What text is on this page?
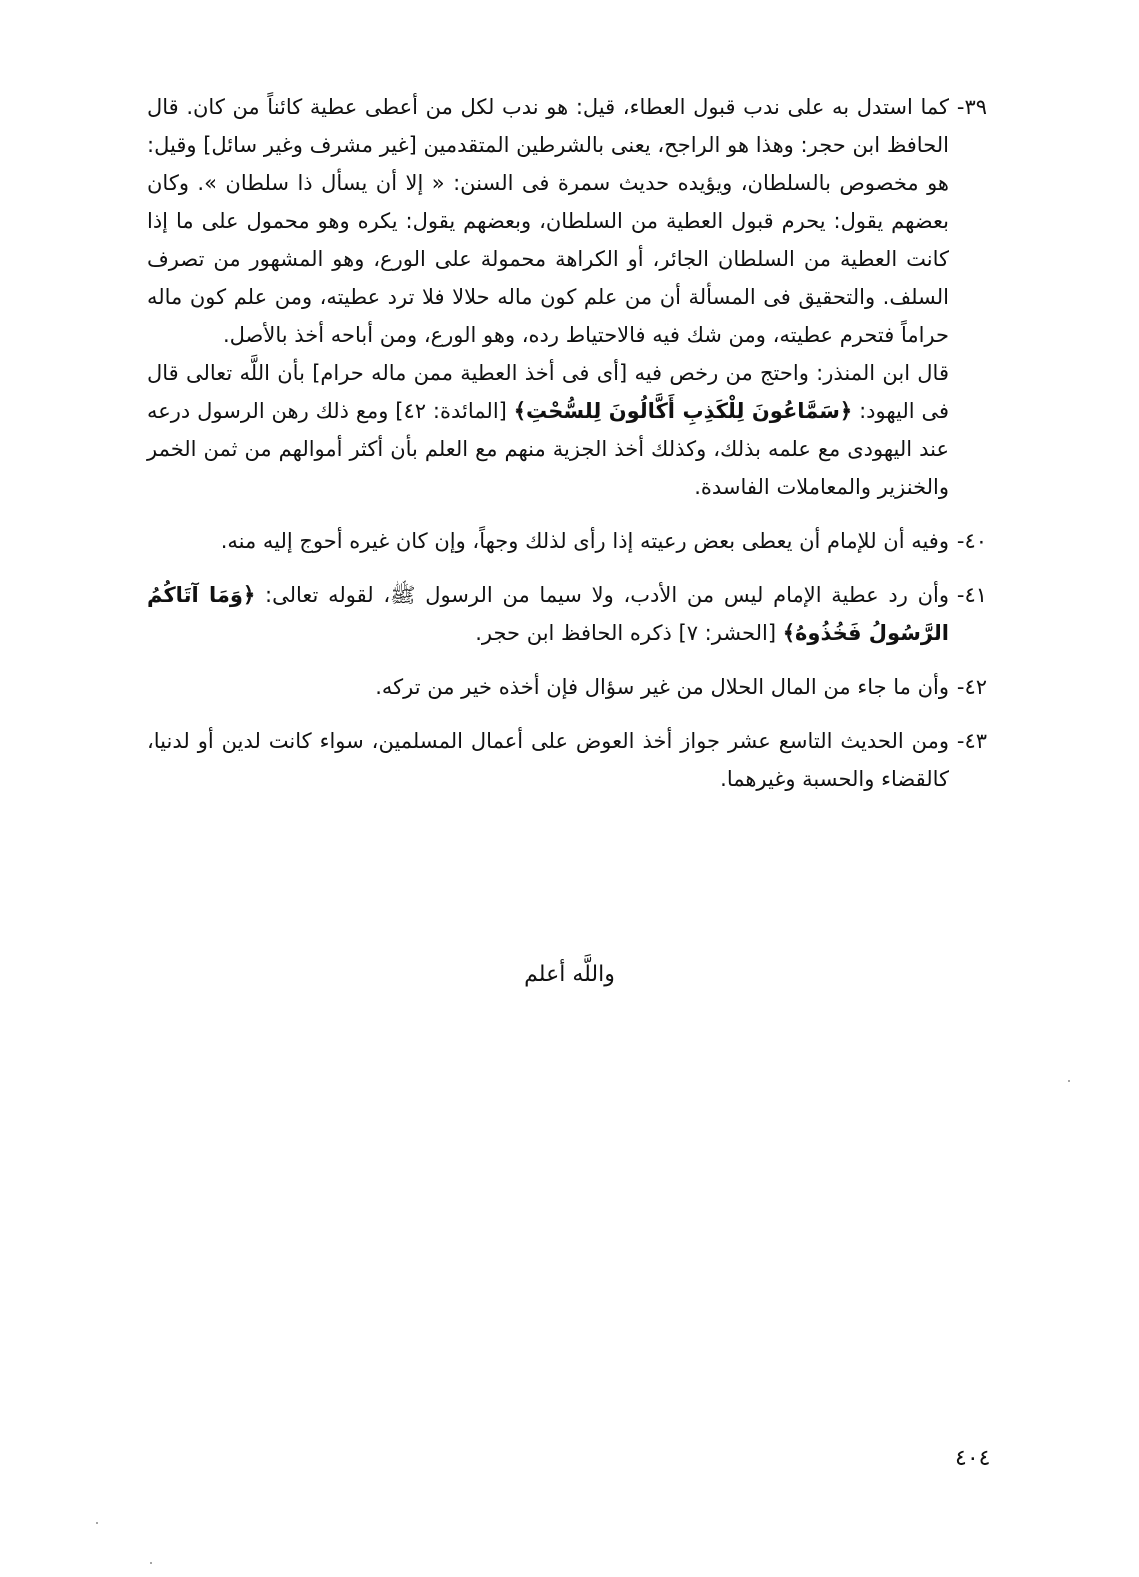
٣٩-
كما استدل به على ندب قبول العطاء، قيل: هو ندب لكل من أعطى عطية كائناً من كان. قال الحافظ ابن حجر: وهذا هو الراجح، يعنى بالشرطين المتقدمين [غير مشرف وغير سائل] وقيل: هو مخصوص بالسلطان، ويؤيده حديث سمرة فى السنن: « إلا أن يسأل ذا سلطان ». وكان بعضهم يقول: يحرم قبول العطية من السلطان، وبعضهم يقول: يكره وهو محمول على ما إذا كانت العطية من السلطان الجائر، أو الكراهة محمولة على الورع، وهو المشهور من تصرف السلف. والتحقيق فى المسألة أن من علم كون ماله حلالا فلا ترد عطيته، ومن علم كون ماله حراماً فتحرم عطيته، ومن شك فيه فالاحتياط رده، وهو الورع، ومن أباحه أخذ بالأصل.
قال ابن المنذر: واحتج من رخص فيه [أى فى أخذ العطية ممن ماله حرام] بأن اللَّه تعالى قال فى اليهود: ﴿سَمَّاعُونَ لِلْكَذِبِ أَكَّالُونَ لِلسُّحْتِ﴾ [المائدة: ٤٢] ومع ذلك رهن الرسول درعه عند اليهودى مع علمه بذلك، وكذلك أخذ الجزية منهم مع العلم بأن أكثر أموالهم من ثمن الخمر والخنزير والمعاملات الفاسدة.
٤٠-
وفيه أن للإمام أن يعطى بعض رعيته إذا رأى لذلك وجهاً، وإن كان غيره أحوج إليه منه.
٤١-
وأن رد عطية الإمام ليس من الأدب، ولا سيما من الرسول ﷺ، لقوله تعالى: ﴿وَمَا آتَاكُمُ الرَّسُولُ فَخُذُوهُ﴾ [الحشر: ٧] ذكره الحافظ ابن حجر.
٤٢-
وأن ما جاء من المال الحلال من غير سؤال فإن أخذه خير من تركه.
٤٣-
ومن الحديث التاسع عشر جواز أخذ العوض على أعمال المسلمين، سواء كانت لدين أو لدنيا، كالقضاء والحسبة وغيرهما.
واللَّه أعلم
٤٠٤
